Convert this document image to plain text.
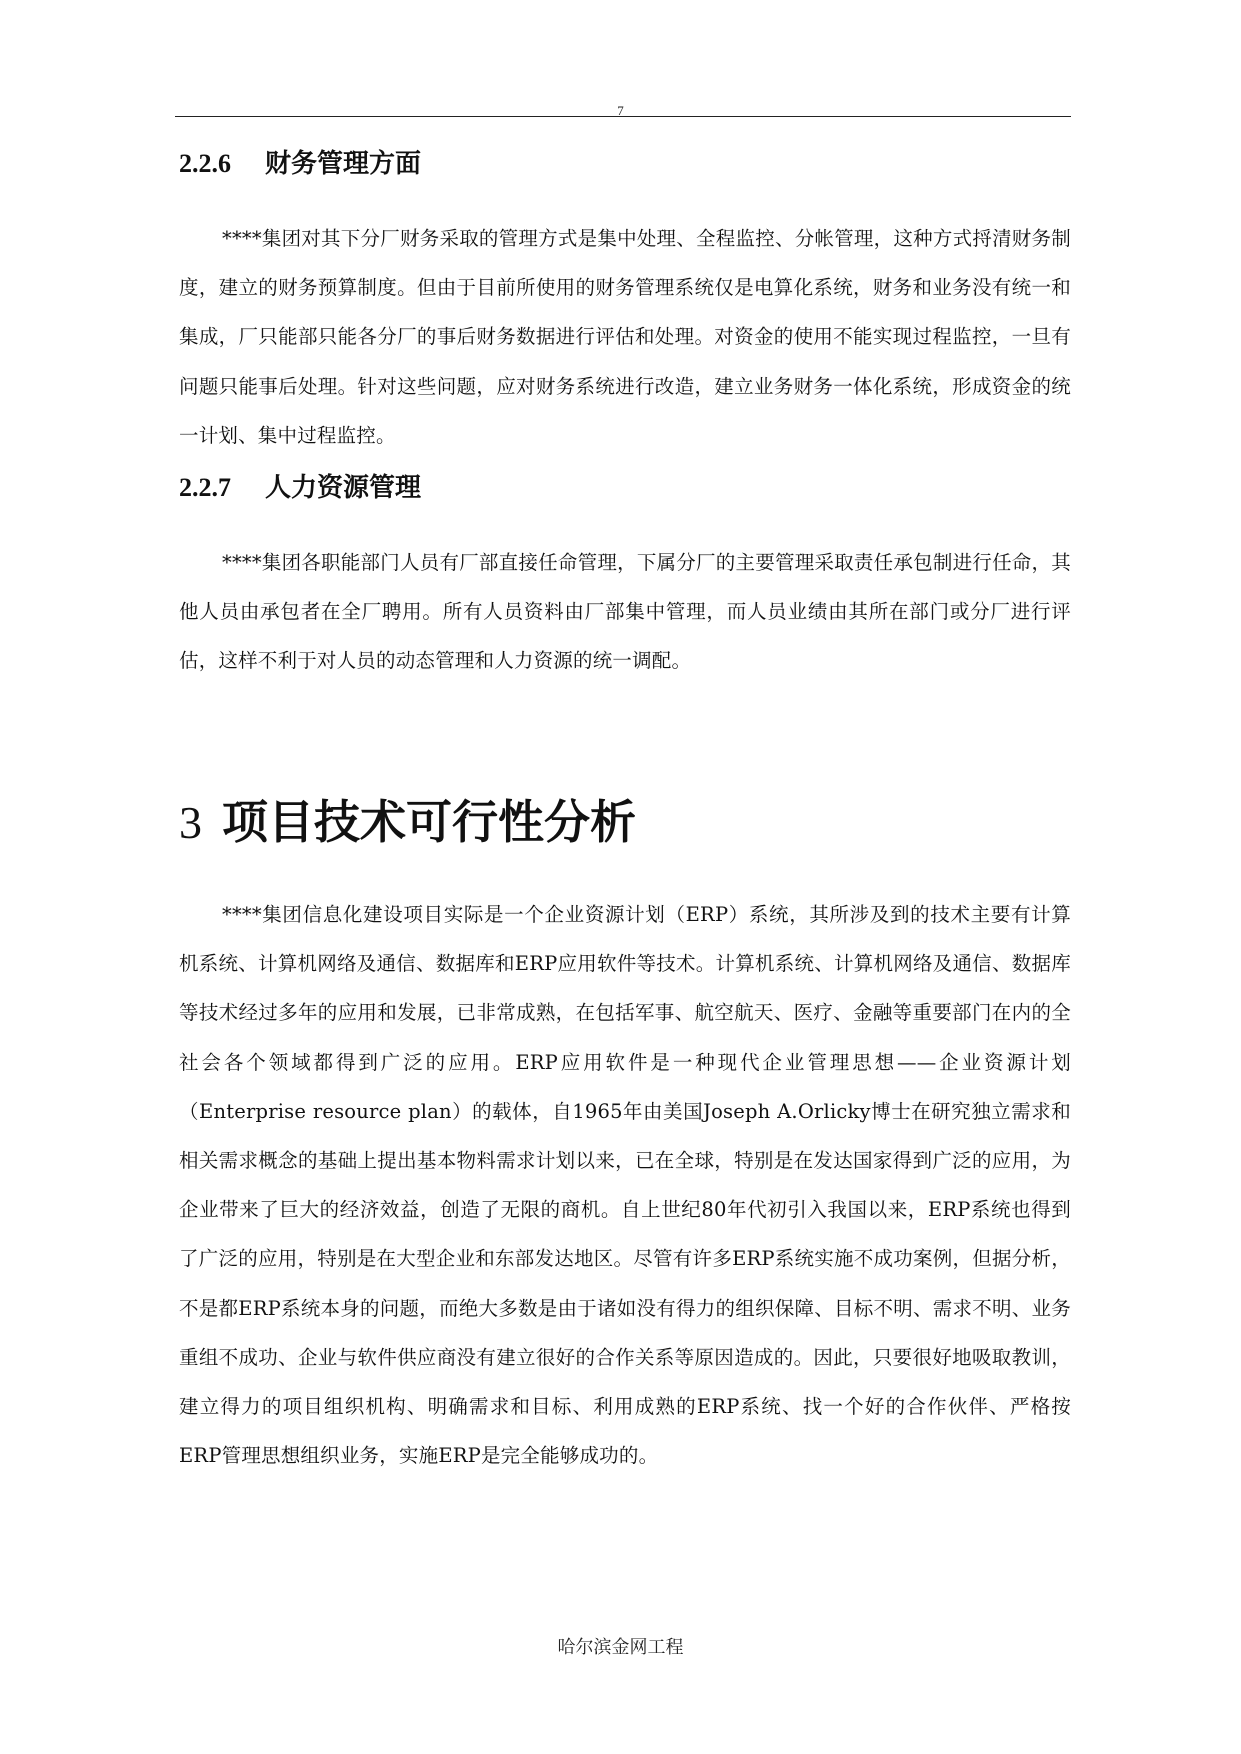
7
2.2.6 财务管理方面

****集团对其下分厂财务采取的管理方式是集中处理、全程监控、分帐管理，这种方式捋清财务制度，建立的财务预算制度。但由于目前所使用的财务管理系统仅是电算化系统，财务和业务没有统一和集成，厂只能部只能各分厂的事后财务数据进行评估和处理。对资金的使用不能实现过程监控，一旦有问题只能事后处理。针对这些问题，应对财务系统进行改造，建立业务财务一体化系统，形成资金的统一计划、集中过程监控。

2.2.7 人力资源管理

****集团各职能部门人员有厂部直接任命管理，下属分厂的主要管理采取责任承包制进行任命，其他人员由承包者在全厂聘用。所有人员资料由厂部集中管理，而人员业绩由其所在部门或分厂进行评估，这样不利于对人员的动态管理和人力资源的统一调配。

3 项目技术可行性分析

****集团信息化建设项目实际是一个企业资源计划（ERP）系统，其所涉及到的技术主要有计算机系统、计算机网络及通信、数据库和ERP应用软件等技术。计算机系统、计算机网络及通信、数据库等技术经过多年的应用和发展，已非常成熟，在包括军事、航空航天、医疗、金融等重要部门在内的全社会各个领域都得到广泛的应用。ERP应用软件是一种现代企业管理思想——企业资源计划（Enterprise resource plan）的载体，自1965年由美国Joseph A.Orlicky博士在研究独立需求和相关需求概念的基础上提出基本物料需求计划以来，已在全球，特别是在发达国家得到广泛的应用，为企业带来了巨大的经济效益，创造了无限的商机。自上世纪80年代初引入我国以来，ERP系统也得到了广泛的应用，特别是在大型企业和东部发达地区。尽管有许多ERP系统实施不成功案例，但据分析，不是都ERP系统本身的问题，而绝大多数是由于诸如没有得力的组织保障、目标不明、需求不明、业务重组不成功、企业与软件供应商没有建立很好的合作关系等原因造成的。因此，只要很好地吸取教训，建立得力的项目组织机构、明确需求和目标、利用成熟的ERP系统、找一个好的合作伙伴、严格按ERP管理思想组织业务，实施ERP是完全能够成功的。

哈尔滨金网工程
